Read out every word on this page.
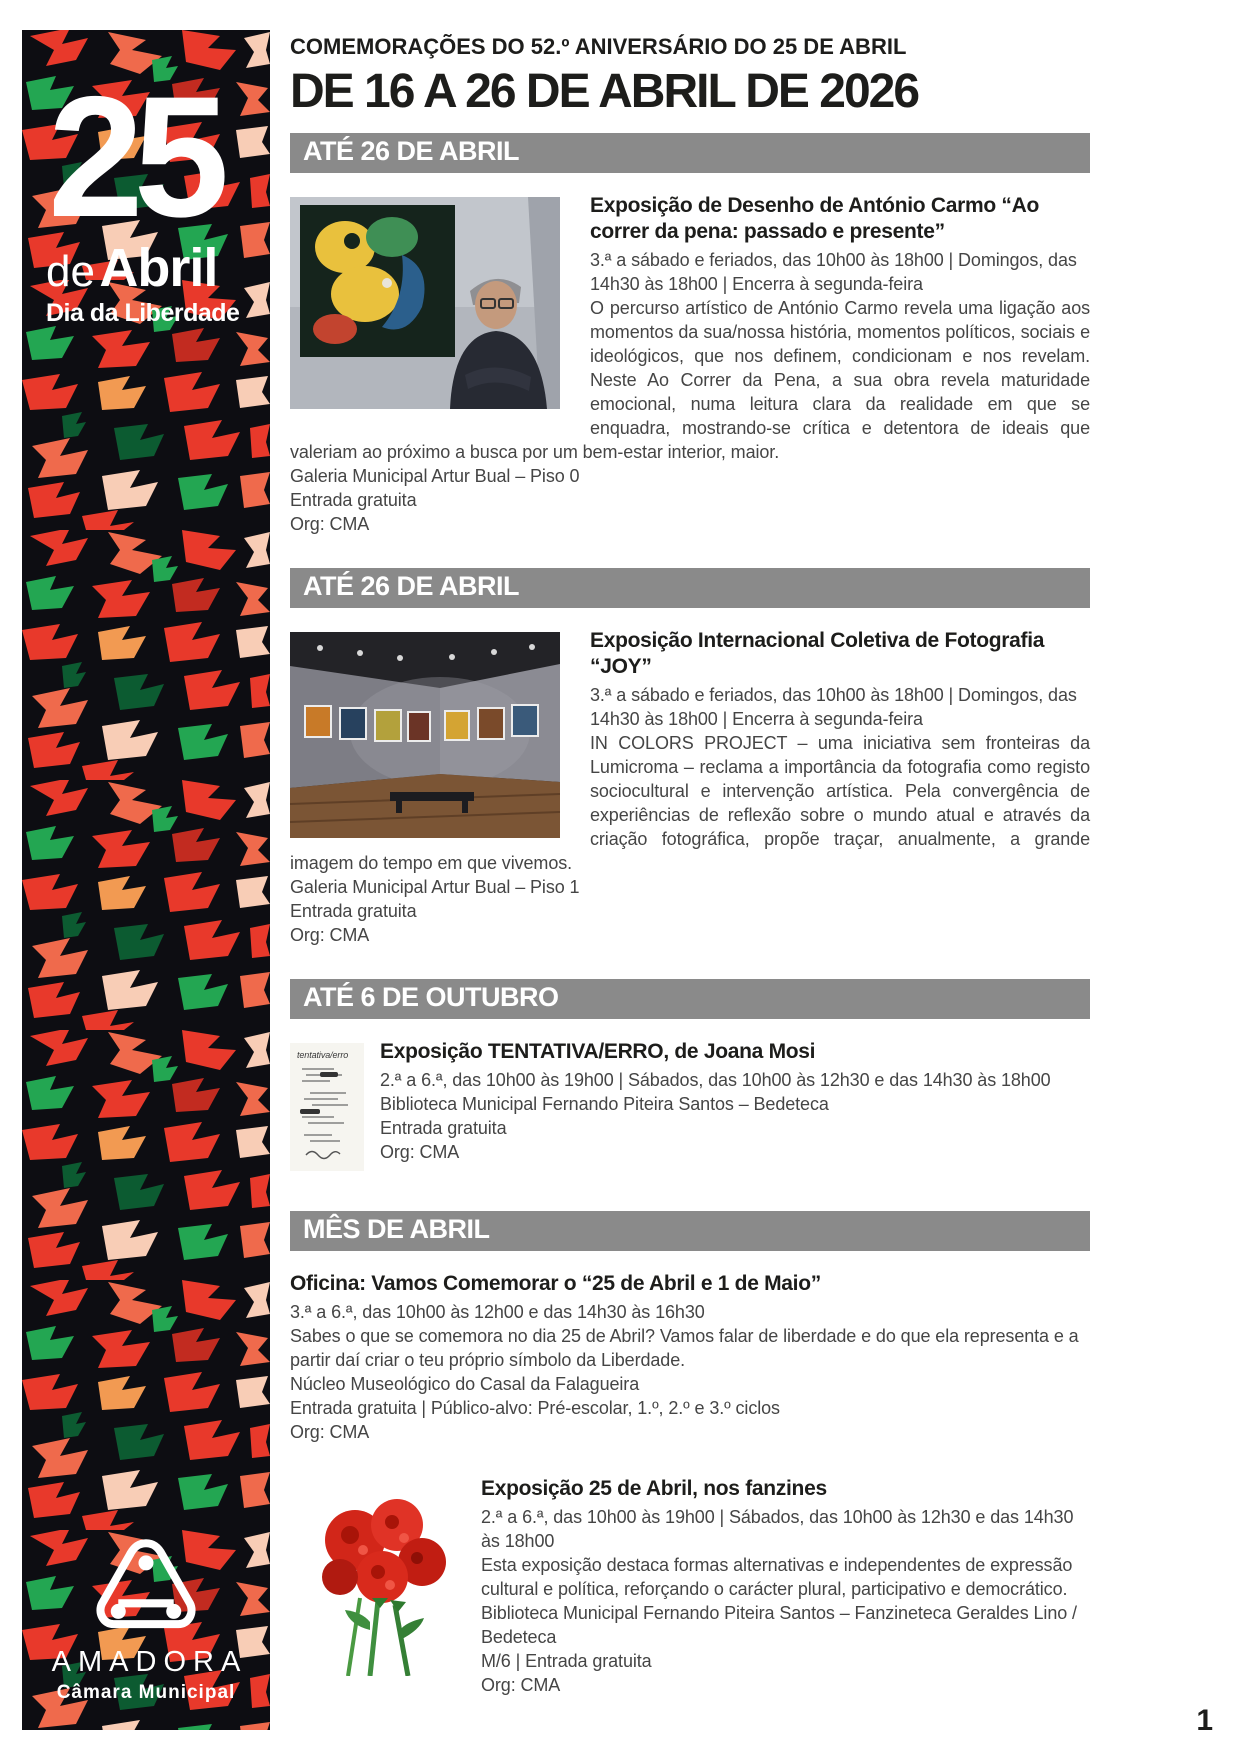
25
de Abril
Dia da Liberdade
AMADORA
Câmara Municipal
COMEMORAÇÕES DO 52.º ANIVERSÁRIO DO 25 DE ABRIL
DE 16 A 26 DE ABRIL DE 2026
ATÉ 26 DE ABRIL
Exposição de Desenho de António Carmo “Ao correr da pena: passado e presente”

3.ª a sábado e feriados, das 10h00 às 18h00 | Domingos, das 14h30 às 18h00 | Encerra à segunda-feira

O percurso artístico de António Carmo revela uma ligação aos momentos da sua/nossa história, momentos políticos, sociais e ideológicos, que nos definem, condicionam e nos revelam. Neste Ao Correr da Pena, a sua obra revela maturidade emocional, numa leitura clara da realidade em que se enquadra, mostrando-se crítica e detentora de ideais que valeriam ao próximo a busca por um bem-estar interior, maior.

Galeria Municipal Artur Bual – Piso 0

Entrada gratuita

Org: CMA

ATÉ 26 DE ABRIL
Exposição Internacional Coletiva de Fotografia “JOY”

3.ª a sábado e feriados, das 10h00 às 18h00 | Domingos, das 14h30 às 18h00 | Encerra à segunda-feira

IN COLORS PROJECT – uma iniciativa sem fronteiras da Lumicroma – reclama a importância da fotografia como registo sociocultural e intervenção artística. Pela convergência de experiências de reflexão sobre o mundo atual e através da criação fotográfica, propõe traçar, anualmente, a grande imagem do tempo em que vivemos.

Galeria Municipal Artur Bual – Piso 1

Entrada gratuita

Org: CMA

ATÉ 6 DE OUTUBRO
tentativa/erro	Exposição TENTATIVA/ERRO, de Joana Mosi

2.ª a 6.ª, das 10h00 às 19h00 | Sábados, das 10h00 às 12h30 e das 14h30 às 18h00

Biblioteca Municipal Fernando Piteira Santos – Bedeteca

Entrada gratuita

Org: CMA

MÊS DE ABRIL
Oficina: Vamos Comemorar o “25 de Abril e 1 de Maio”

3.ª a 6.ª, das 10h00 às 12h00 e das 14h30 às 16h30

Sabes o que se comemora no dia 25 de Abril? Vamos falar de liberdade e do que ela representa e a partir daí criar o teu próprio símbolo da Liberdade.

Núcleo Museológico do Casal da Falagueira

Entrada gratuita | Público-alvo: Pré-escolar, 1.º, 2.º e 3.º ciclos

Org: CMA

Exposição 25 de Abril, nos fanzines

2.ª a 6.ª, das 10h00 às 19h00 | Sábados, das 10h00 às 12h30 e das 14h30 às 18h00

Esta exposição destaca formas alternativas e independentes de expressão cultural e política, reforçando o carácter plural, participativo e democrático.

Biblioteca Municipal Fernando Piteira Santos – Fanzineteca Geraldes Lino / Bedeteca

M/6 | Entrada gratuita

Org: CMA

1
